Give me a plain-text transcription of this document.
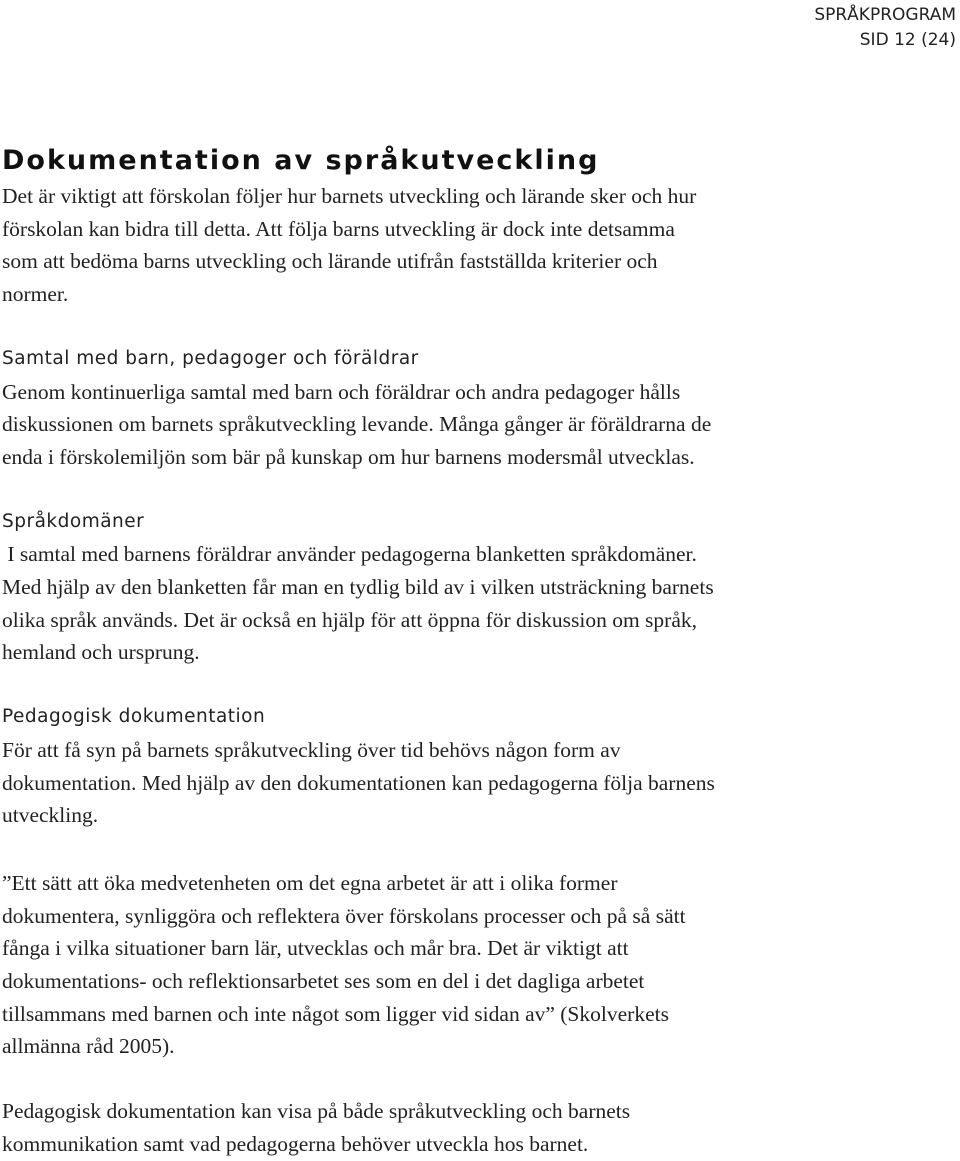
SPRÅKPROGRAM
SID 12 (24)
Dokumentation av språkutveckling
Det är viktigt att förskolan följer hur barnets utveckling och lärande sker och hur
förskolan kan bidra till detta. Att följa barns utveckling är dock inte detsamma
som att bedöma barns utveckling och lärande utifrån fastställda kriterier och
normer.
Samtal med barn, pedagoger och föräldrar
Genom kontinuerliga samtal med barn och föräldrar och andra pedagoger hålls
diskussionen om barnets språkutveckling levande. Många gånger är föräldrarna de
enda i förskolemiljön som bär på kunskap om hur barnens modersmål utvecklas.
Språkdomäner
I samtal med barnens föräldrar använder pedagogerna blanketten språkdomäner.
Med hjälp av den blanketten får man en tydlig bild av i vilken utsträckning barnets
olika språk används. Det är också en hjälp för att öppna för diskussion om språk,
hemland och ursprung.
Pedagogisk dokumentation
För att få syn på barnets språkutveckling över tid behövs någon form av
dokumentation. Med hjälp av den dokumentationen kan pedagogerna följa barnens
utveckling.
”Ett sätt att öka medvetenheten om det egna arbetet är att i olika former
dokumentera, synliggöra och reflektera över förskolans processer och på så sätt
fånga i vilka situationer barn lär, utvecklas och mår bra. Det är viktigt att
dokumentations- och reflektionsarbetet ses som en del i det dagliga arbetet
tillsammans med barnen och inte något som ligger vid sidan av” (Skolverkets
allmänna råd 2005).
Pedagogisk dokumentation kan visa på både språkutveckling och barnets
kommunikation samt vad pedagogerna behöver utveckla hos barnet.
